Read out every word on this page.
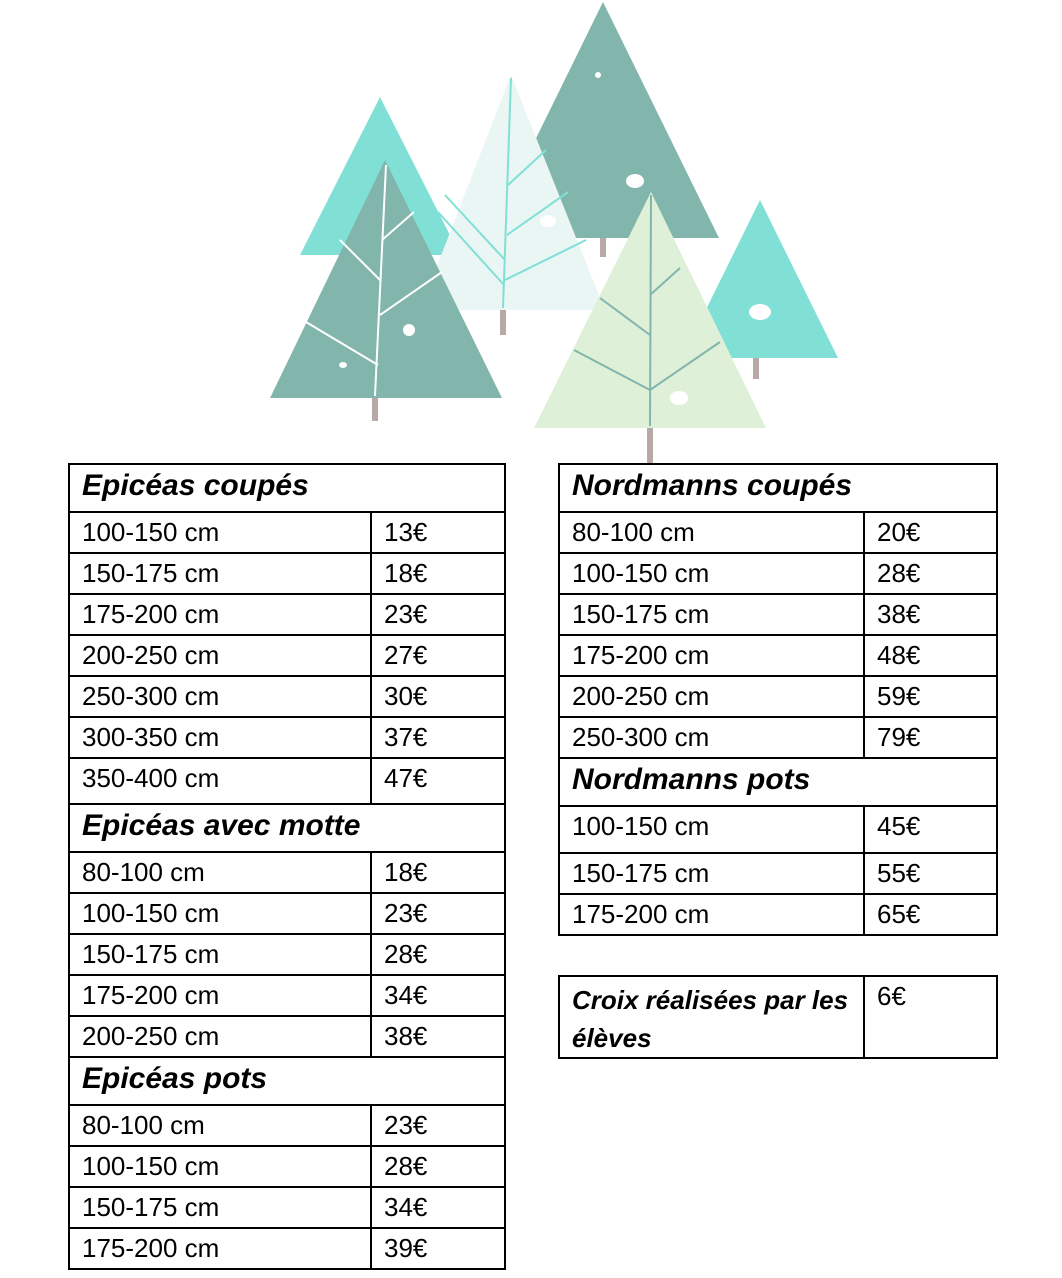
Epicéas coupés	
100-150 cm	13€
150-175 cm	18€
175-200 cm	23€
200-250 cm	27€
250-300 cm	30€
300-350 cm	37€
350-400 cm	47€
Epicéas avec motte	
80-100 cm	18€
100-150 cm	23€
150-175 cm	28€
175-200 cm	34€
200-250 cm	38€
Epicéas pots	
80-100 cm	23€
100-150 cm	28€
150-175 cm	34€
175-200 cm	39€
Nordmanns coupés	
80-100 cm	20€
100-150 cm	28€
150-175 cm	38€
175-200 cm	48€
200-250 cm	59€
250-300 cm	79€
Nordmanns pots	
100-150 cm	45€
150-175 cm	55€
175-200 cm	65€
Croix réalisées par les élèves	6€
